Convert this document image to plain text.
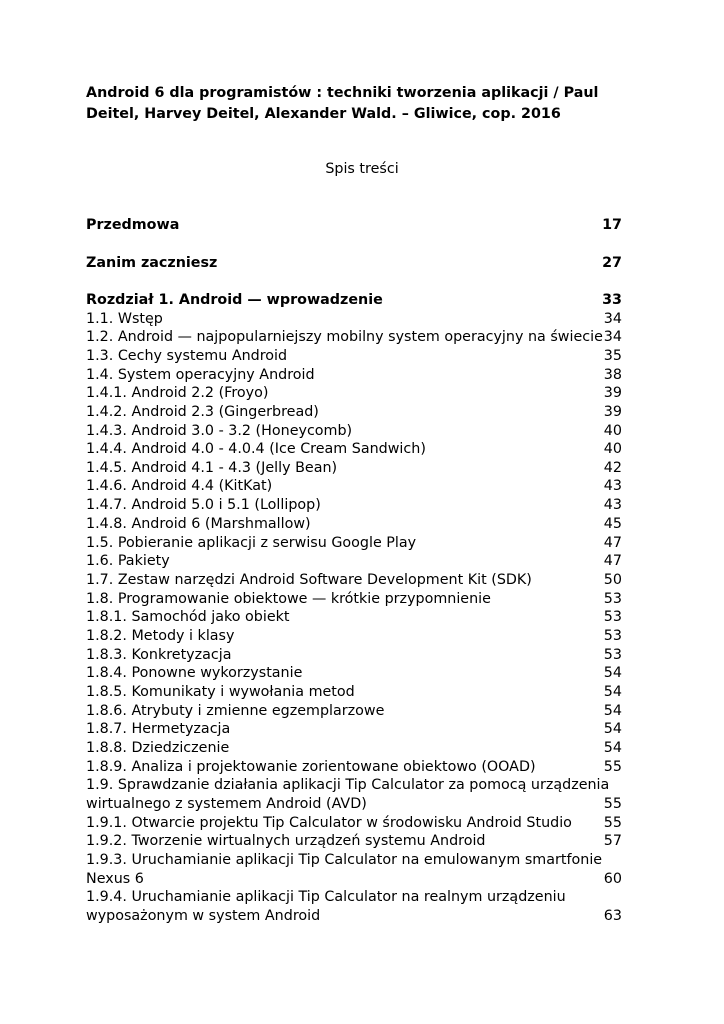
Android 6 dla programistów : techniki tworzenia aplikacji / Paul Deitel, Harvey Deitel, Alexander Wald. – Gliwice, cop. 2016
Spis treści
Przedmowa	17
Zanim zaczniesz	27
Rozdział 1. Android — wprowadzenie	33
1.1. Wstęp	34
1.2. Android — najpopularniejszy mobilny system operacyjny na świecie 34
1.3. Cechy systemu Android	35
1.4. System operacyjny Android	38
1.4.1. Android 2.2 (Froyo)	39
1.4.2. Android 2.3 (Gingerbread)	39
1.4.3. Android 3.0 - 3.2 (Honeycomb)	40
1.4.4. Android 4.0 - 4.0.4 (Ice Cream Sandwich)	40
1.4.5. Android 4.1 - 4.3 (Jelly Bean)	42
1.4.6. Android 4.4 (KitKat)	43
1.4.7. Android 5.0 i 5.1 (Lollipop)	43
1.4.8. Android 6 (Marshmallow)	45
1.5. Pobieranie aplikacji z serwisu Google Play	47
1.6. Pakiety	47
1.7. Zestaw narzędzi Android Software Development Kit (SDK)	50
1.8. Programowanie obiektowe — krótkie przypomnienie	53
1.8.1. Samochód jako obiekt	53
1.8.2. Metody i klasy	53
1.8.3. Konkretyzacja	53
1.8.4. Ponowne wykorzystanie	54
1.8.5. Komunikaty i wywołania metod	54
1.8.6. Atrybuty i zmienne egzemplarzowe	54
1.8.7. Hermetyzacja	54
1.8.8. Dziedziczenie	54
1.8.9. Analiza i projektowanie zorientowane obiektowo (OOAD)	55
1.9. Sprawdzanie działania aplikacji Tip Calculator za pomocą urządzenia
wirtualnego z systemem Android (AVD)	55
1.9.1. Otwarcie projektu Tip Calculator w środowisku Android Studio 55
1.9.2. Tworzenie wirtualnych urządzeń systemu Android	57
1.9.3. Uruchamianie aplikacji Tip Calculator na emulowanym smartfonie
Nexus 6	60
1.9.4. Uruchamianie aplikacji Tip Calculator na realnym urządzeniu
wyposażonym w system Android	63
